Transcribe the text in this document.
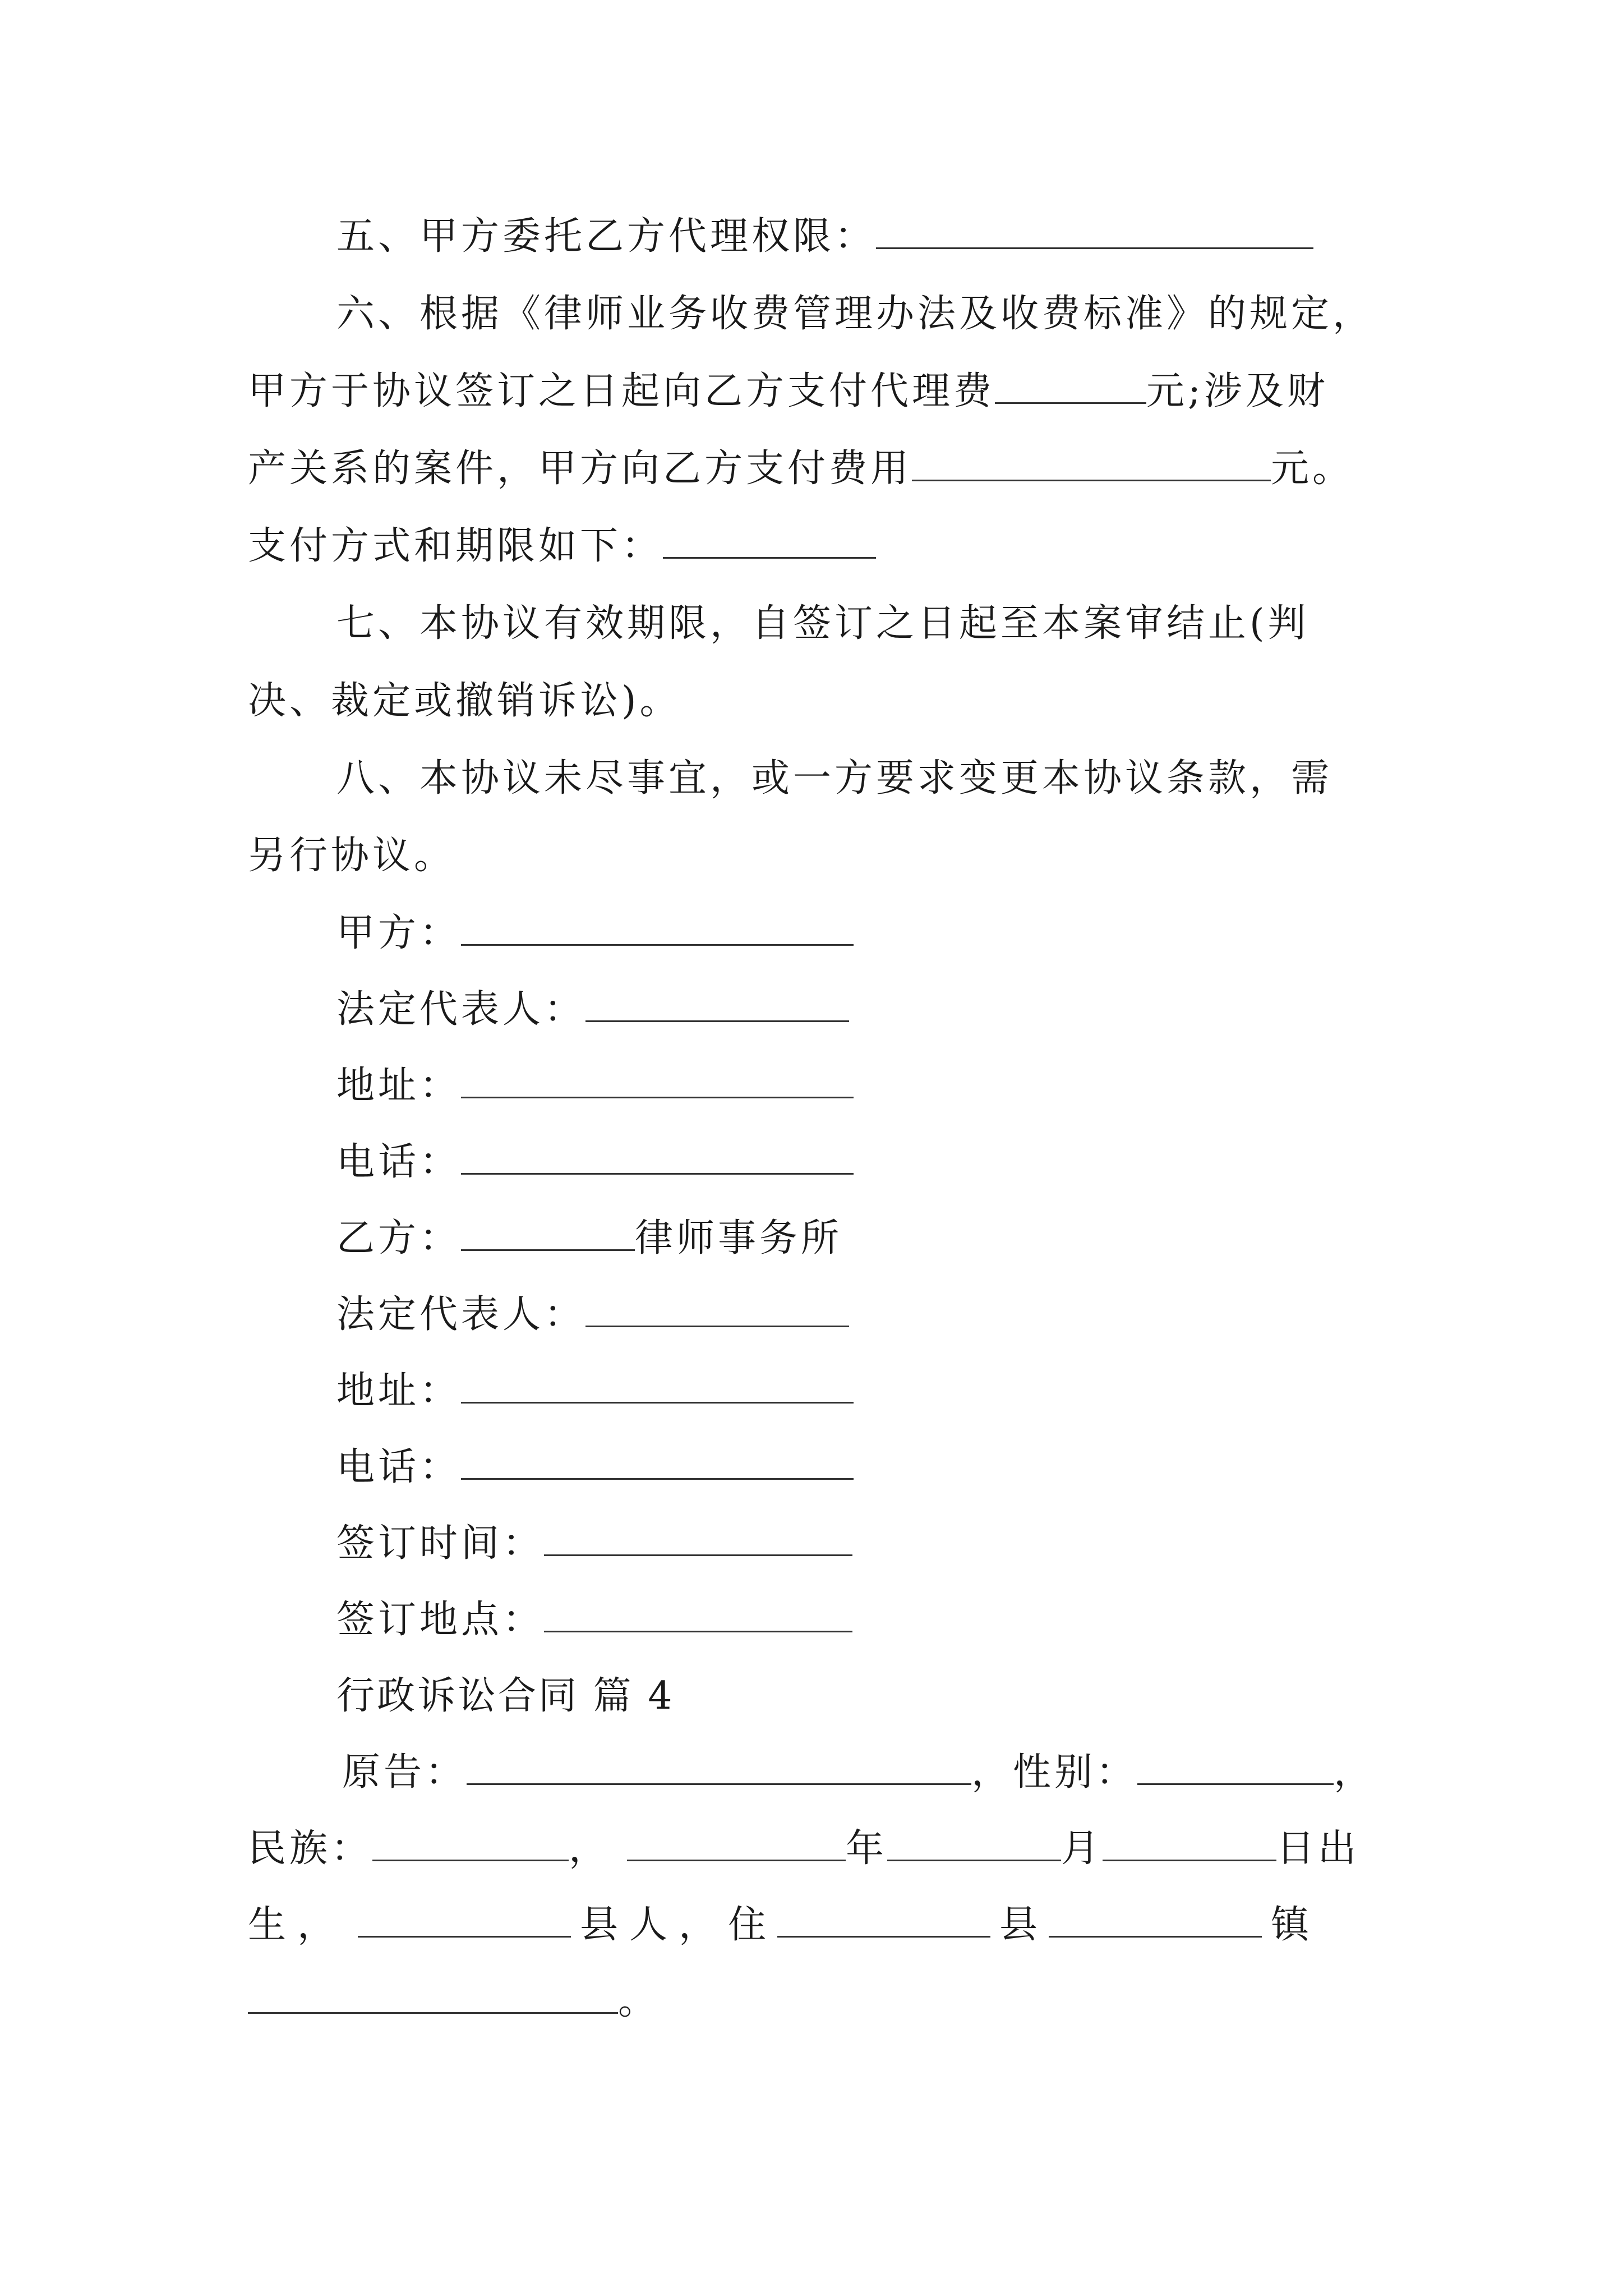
五、甲方委托乙方代理权限：
六、根据《律师业务收费管理办法及收费标准》的规定，
甲方于协议签订之日起向乙方支付代理费	元;涉及财
产关系的案件，甲方向乙方支付费用	元。
支付方式和期限如下：
七、本协议有效期限，自签订之日起至本案审结止(判
决、裁定或撤销诉讼)。
八、本协议未尽事宜，或一方要求变更本协议条款，需
另行协议。
甲方：
法定代表人：
地址：
电话：
乙方：	律师事务所
法定代表人：
地址：
电话：
签订时间：
签订地点：
行政诉讼合同 篇 4
原告：	，性别：	，
民族：	，	年	月	日出
生，	县人，住	县	镇
。
